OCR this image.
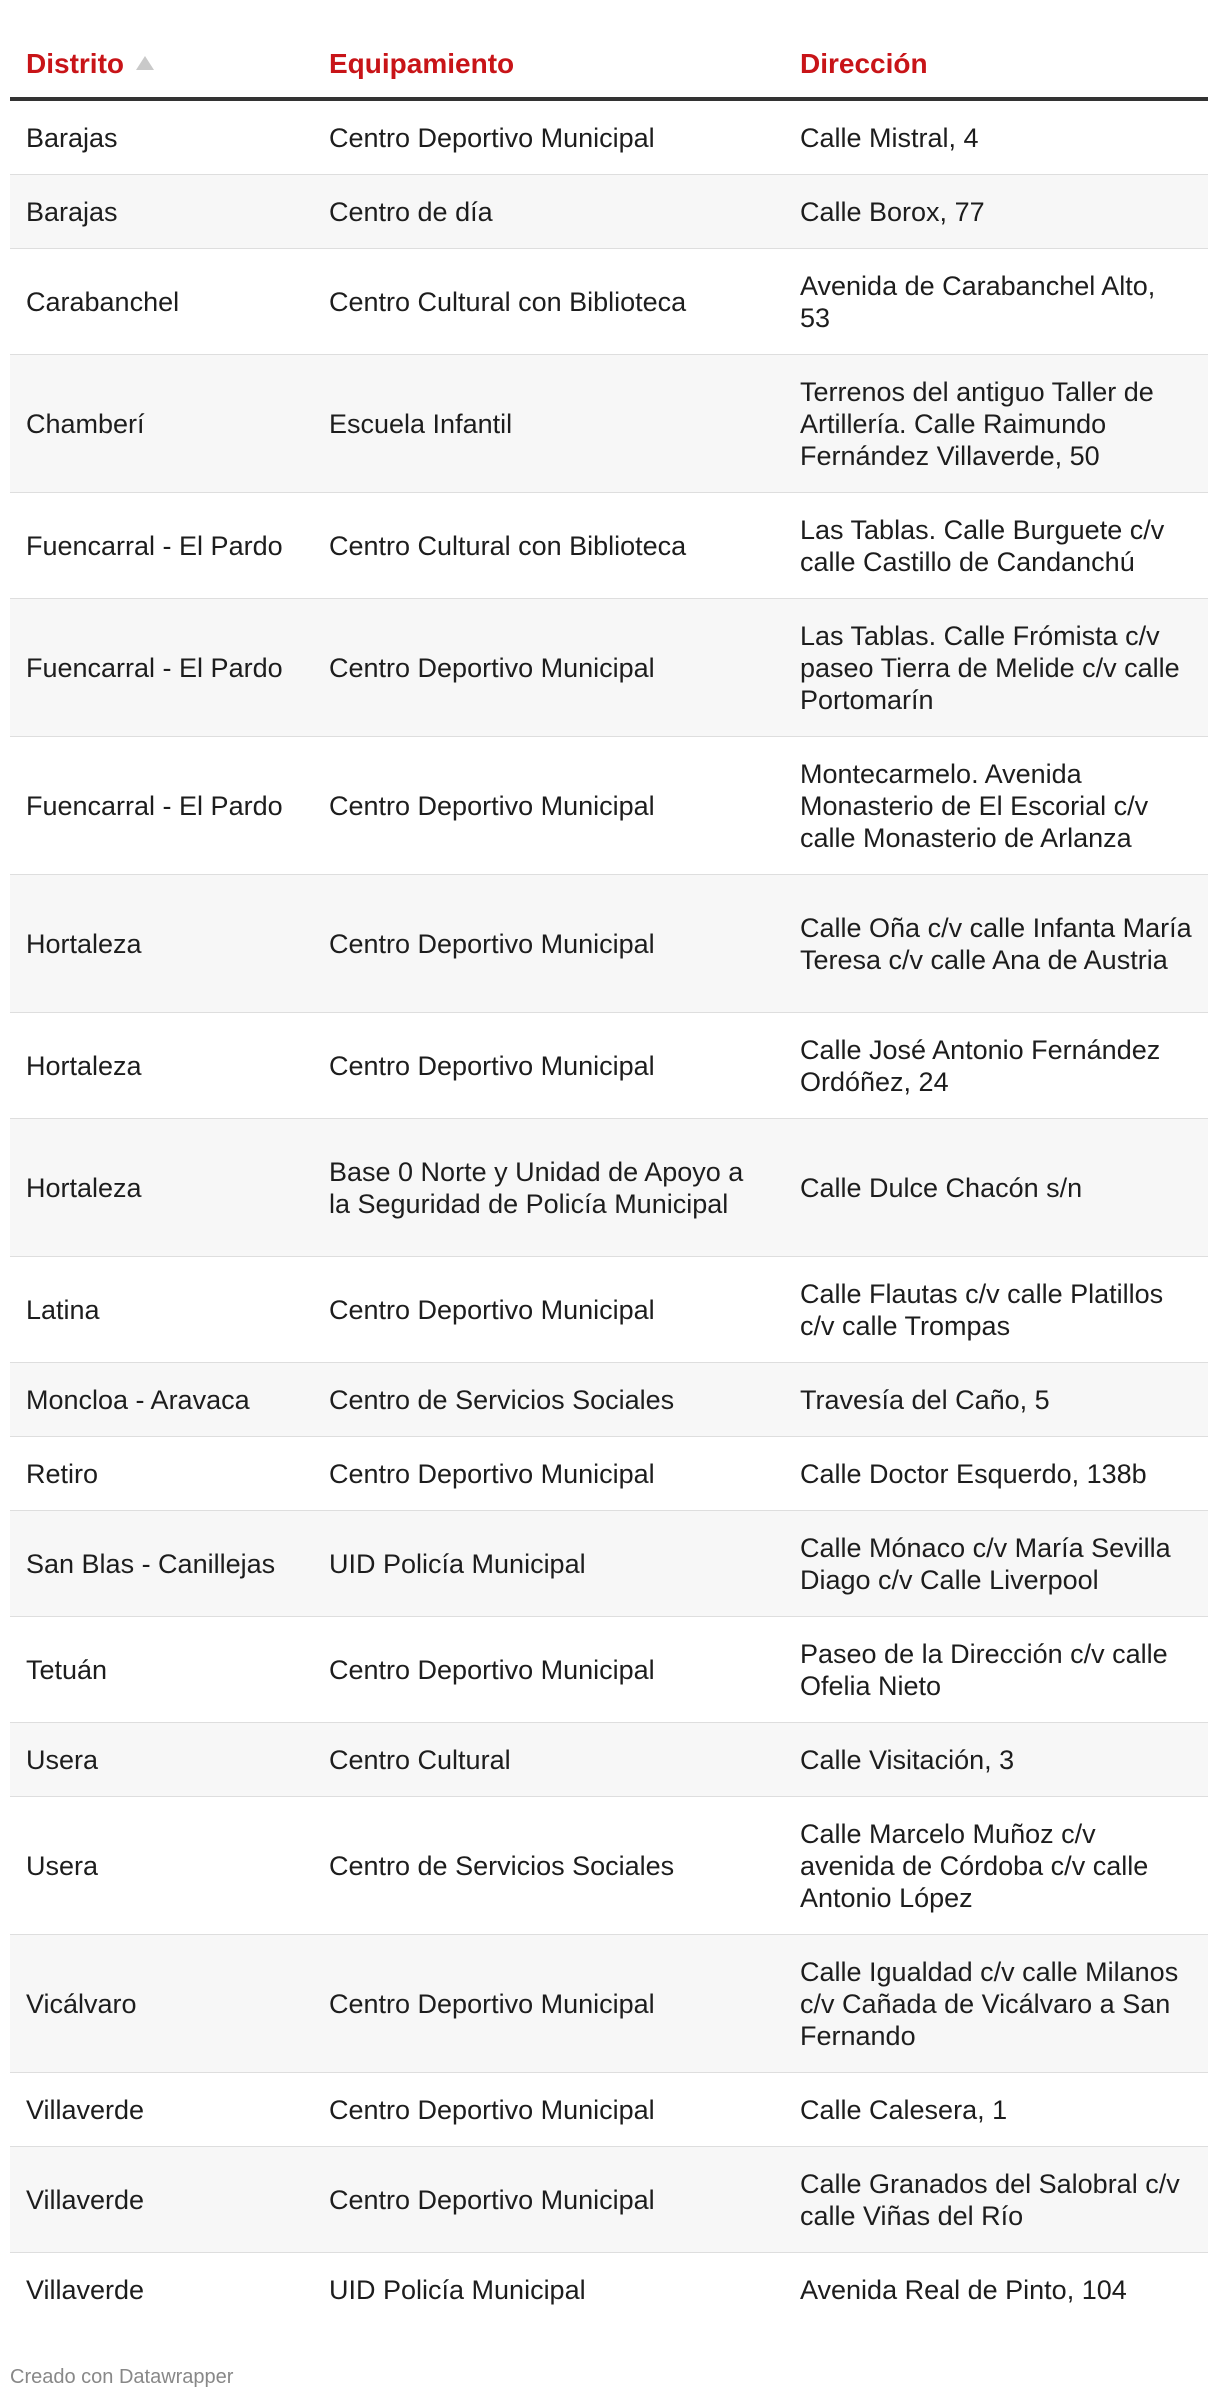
Distrito	Equipamiento	Dirección
Barajas	Centro Deportivo Municipal	Calle Mistral, 4
Barajas	Centro de día	Calle Borox, 77
Carabanchel	Centro Cultural con Biblioteca	Avenida de Carabanchel Alto, 53
Chamberí	Escuela Infantil	Terrenos del antiguo Taller de Artillería. Calle Raimundo Fernández Villaverde, 50
Fuencarral - El Pardo	Centro Cultural con Biblioteca	Las Tablas. Calle Burguete c/v calle Castillo de Candanchú
Fuencarral - El Pardo	Centro Deportivo Municipal	Las Tablas. Calle Frómista c/v paseo Tierra de Melide c/v calle Portomarín
Fuencarral - El Pardo	Centro Deportivo Municipal	Montecarmelo. Avenida Monasterio de El Escorial c/v calle Monasterio de Arlanza
Hortaleza	Centro Deportivo Municipal	Calle Oña c/v calle Infanta María Teresa c/v calle Ana de Austria
Hortaleza	Centro Deportivo Municipal	Calle José Antonio Fernández Ordóñez, 24
Hortaleza	Base 0 Norte y Unidad de Apoyo a la Seguridad de Policía Municipal	Calle Dulce Chacón s/n
Latina	Centro Deportivo Municipal	Calle Flautas c/v calle Platillos c/v calle Trompas
Moncloa - Aravaca	Centro de Servicios Sociales	Travesía del Caño, 5
Retiro	Centro Deportivo Municipal	Calle Doctor Esquerdo, 138b
San Blas - Canillejas	UID Policía Municipal	Calle Mónaco c/v María Sevilla Diago c/v Calle Liverpool
Tetuán	Centro Deportivo Municipal	Paseo de la Dirección c/v calle Ofelia Nieto
Usera	Centro Cultural	Calle Visitación, 3
Usera	Centro de Servicios Sociales	Calle Marcelo Muñoz c/v avenida de Córdoba c/v calle Antonio López
Vicálvaro	Centro Deportivo Municipal	Calle Igualdad c/v calle Milanos c/v Cañada de Vicálvaro a San Fernando
Villaverde	Centro Deportivo Municipal	Calle Calesera, 1
Villaverde	Centro Deportivo Municipal	Calle Granados del Salobral c/v calle Viñas del Río
Villaverde	UID Policía Municipal	Avenida Real de Pinto, 104
Creado con Datawrapper
